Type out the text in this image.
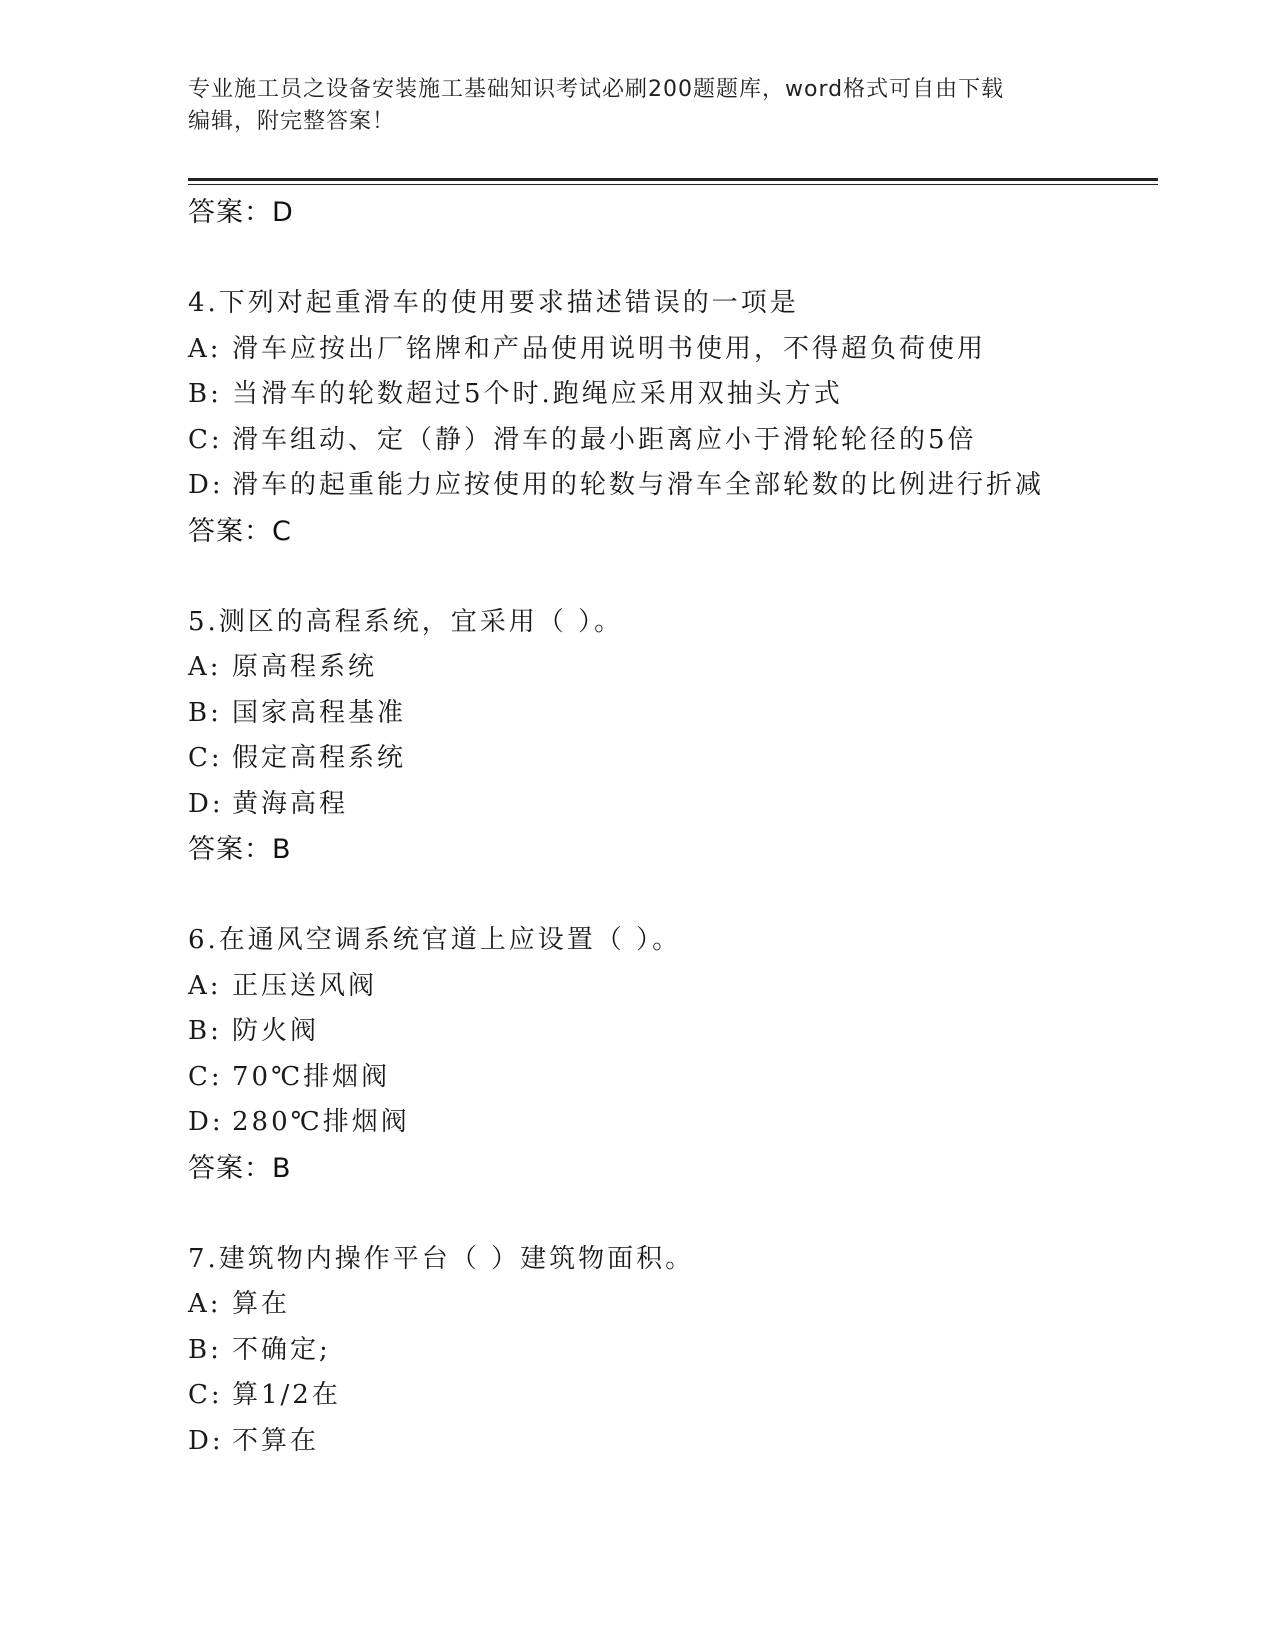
专业施工员之设备安装施工基础知识考试必刷200题题库，word格式可自由下载
编辑，附完整答案！
答案：D
4.下列对起重滑车的使用要求描述错误的一项是
A: 滑车应按出厂铭牌和产品使用说明书使用，不得超负荷使用
B: 当滑车的轮数超过5个时.跑绳应采用双抽头方式
C: 滑车组动、定（静）滑车的最小距离应小于滑轮轮径的5倍
D: 滑车的起重能力应按使用的轮数与滑车全部轮数的比例进行折减
答案：C
5.测区的高程系统，宜采用（ ）。
A: 原高程系统
B: 国家高程基准
C: 假定高程系统
D: 黄海高程
答案：B
6.在通风空调系统官道上应设置（ ）。
A: 正压送风阀
B: 防火阀
C: 70℃排烟阀
D: 280℃排烟阀
答案：B
7.建筑物内操作平台（ ）建筑物面积。
A: 算在
B: 不确定;
C: 算1/2在
D: 不算在
